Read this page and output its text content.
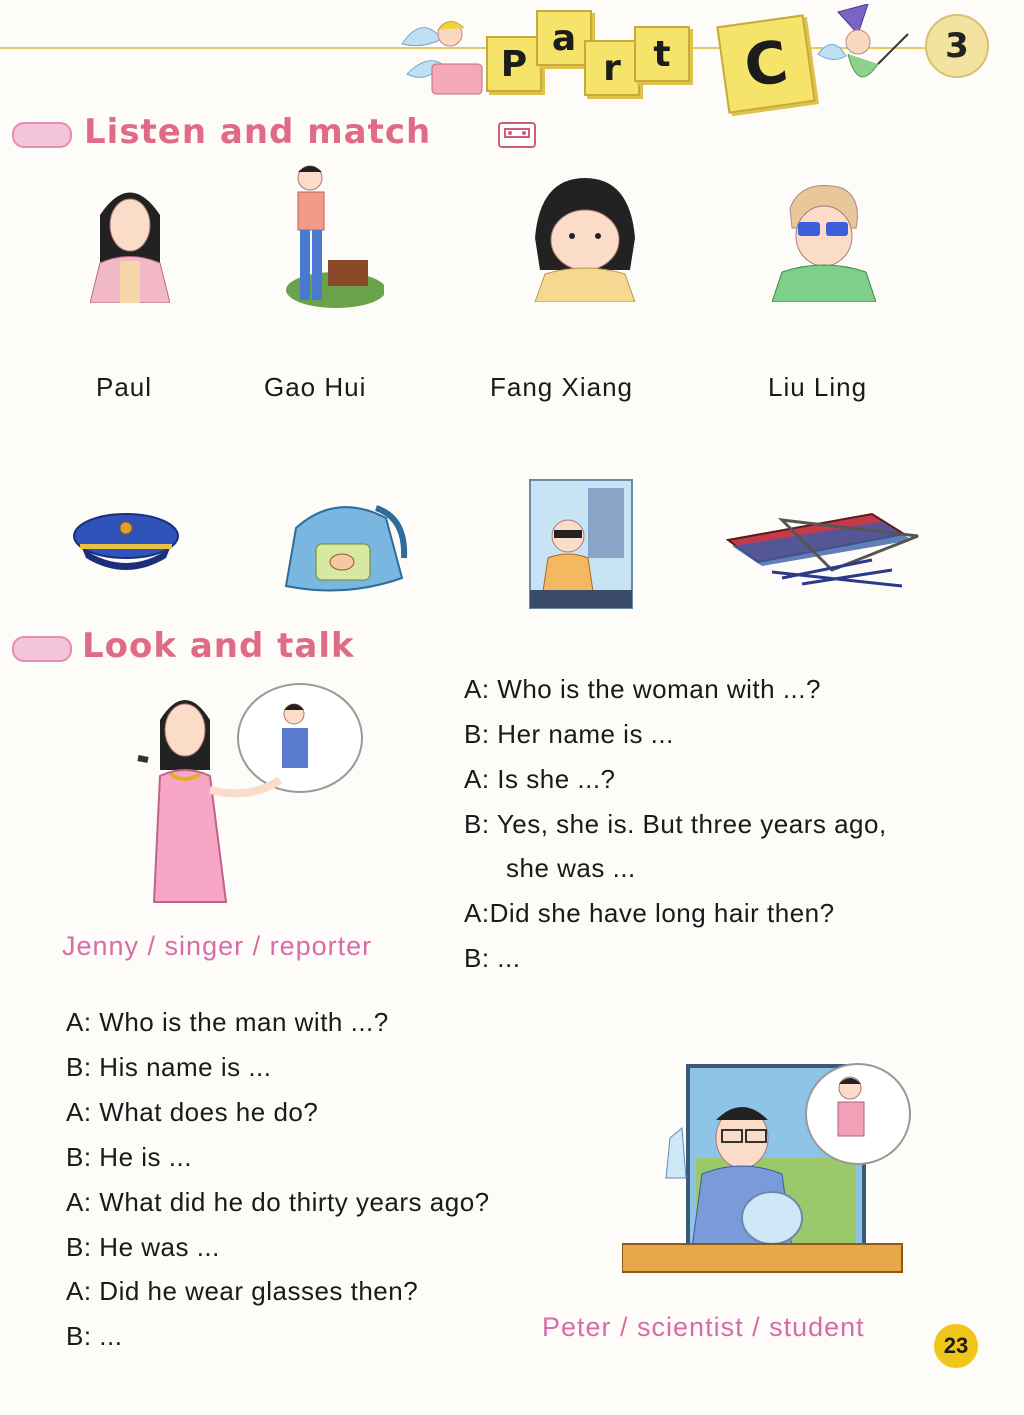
P
a
r t	C	3
Listen and match
Paul	Gao Hui	Fang Xiang	Liu Ling
Look and talk
A: Who is the woman with ...?
B: Her name is ...
A: Is she ...?
B: Yes, she is. But three years ago,
she was ...
A:Did she have long hair then?
B: ...
Jenny / singer / reporter
A: Who is the man with ...?
B: His name is ...
A: What does he do?
B: He is ...
A: What did he do thirty years ago?
B: He was ...
A: Did he wear glasses then?
B: ...	Peter / scientist / student
23
